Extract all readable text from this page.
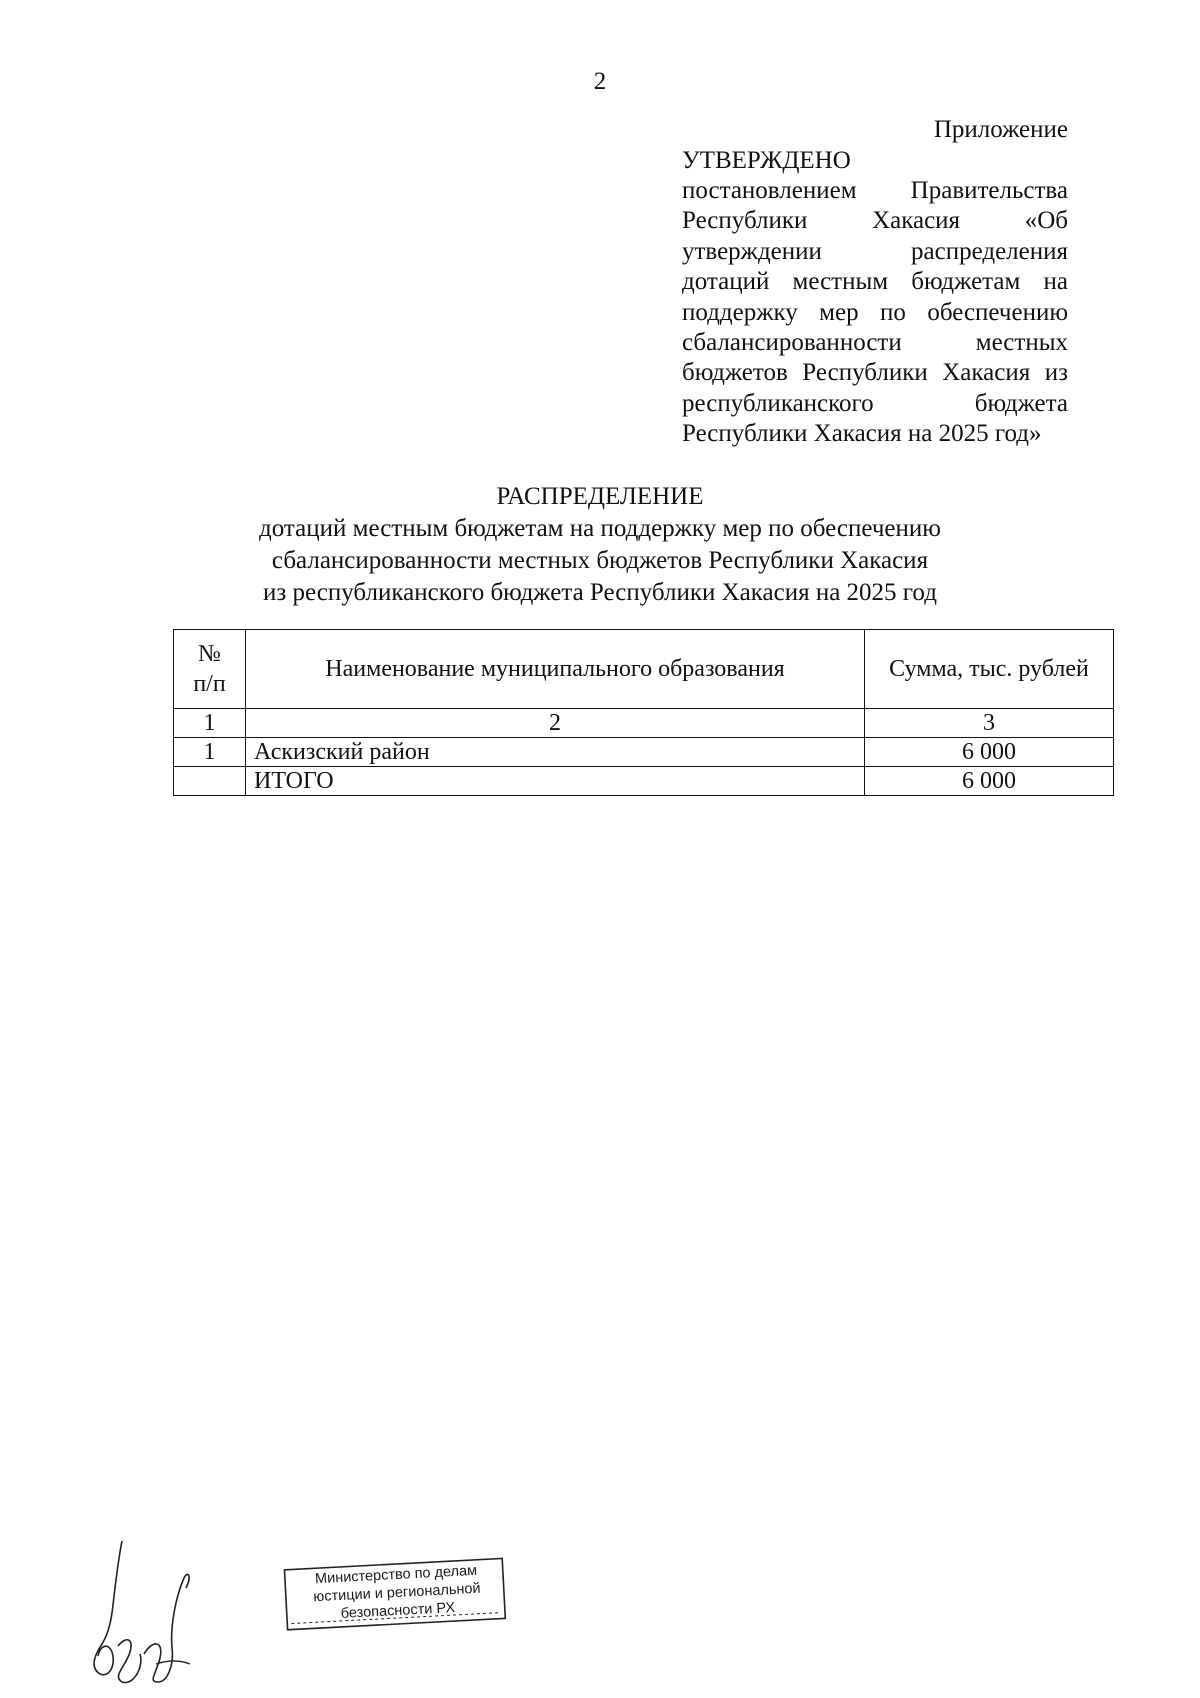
2
Приложение
УТВЕРЖДЕНО

постановлением Правительства Республики Хакасия «Об утверждении распределения дотаций местным бюджетам на поддержку мер по обеспечению сбалансированности местных бюджетов Республики Хакасия из республиканского бюджета Республики Хакасия на 2025 год»

РАСПРЕДЕЛЕНИЕ
дотаций местным бюджетам на поддержку мер по обеспечению
сбалансированности местных бюджетов Республики Хакасия
из республиканского бюджета Республики Хакасия на 2025 год
№
п/п	Наименование муниципального образования	Сумма, тыс. рублей
1	2	3
1	Аскизский район	6 000
	ИТОГО	6 000
Министерство по делам
юстиции и региональной
безопасности РХ
